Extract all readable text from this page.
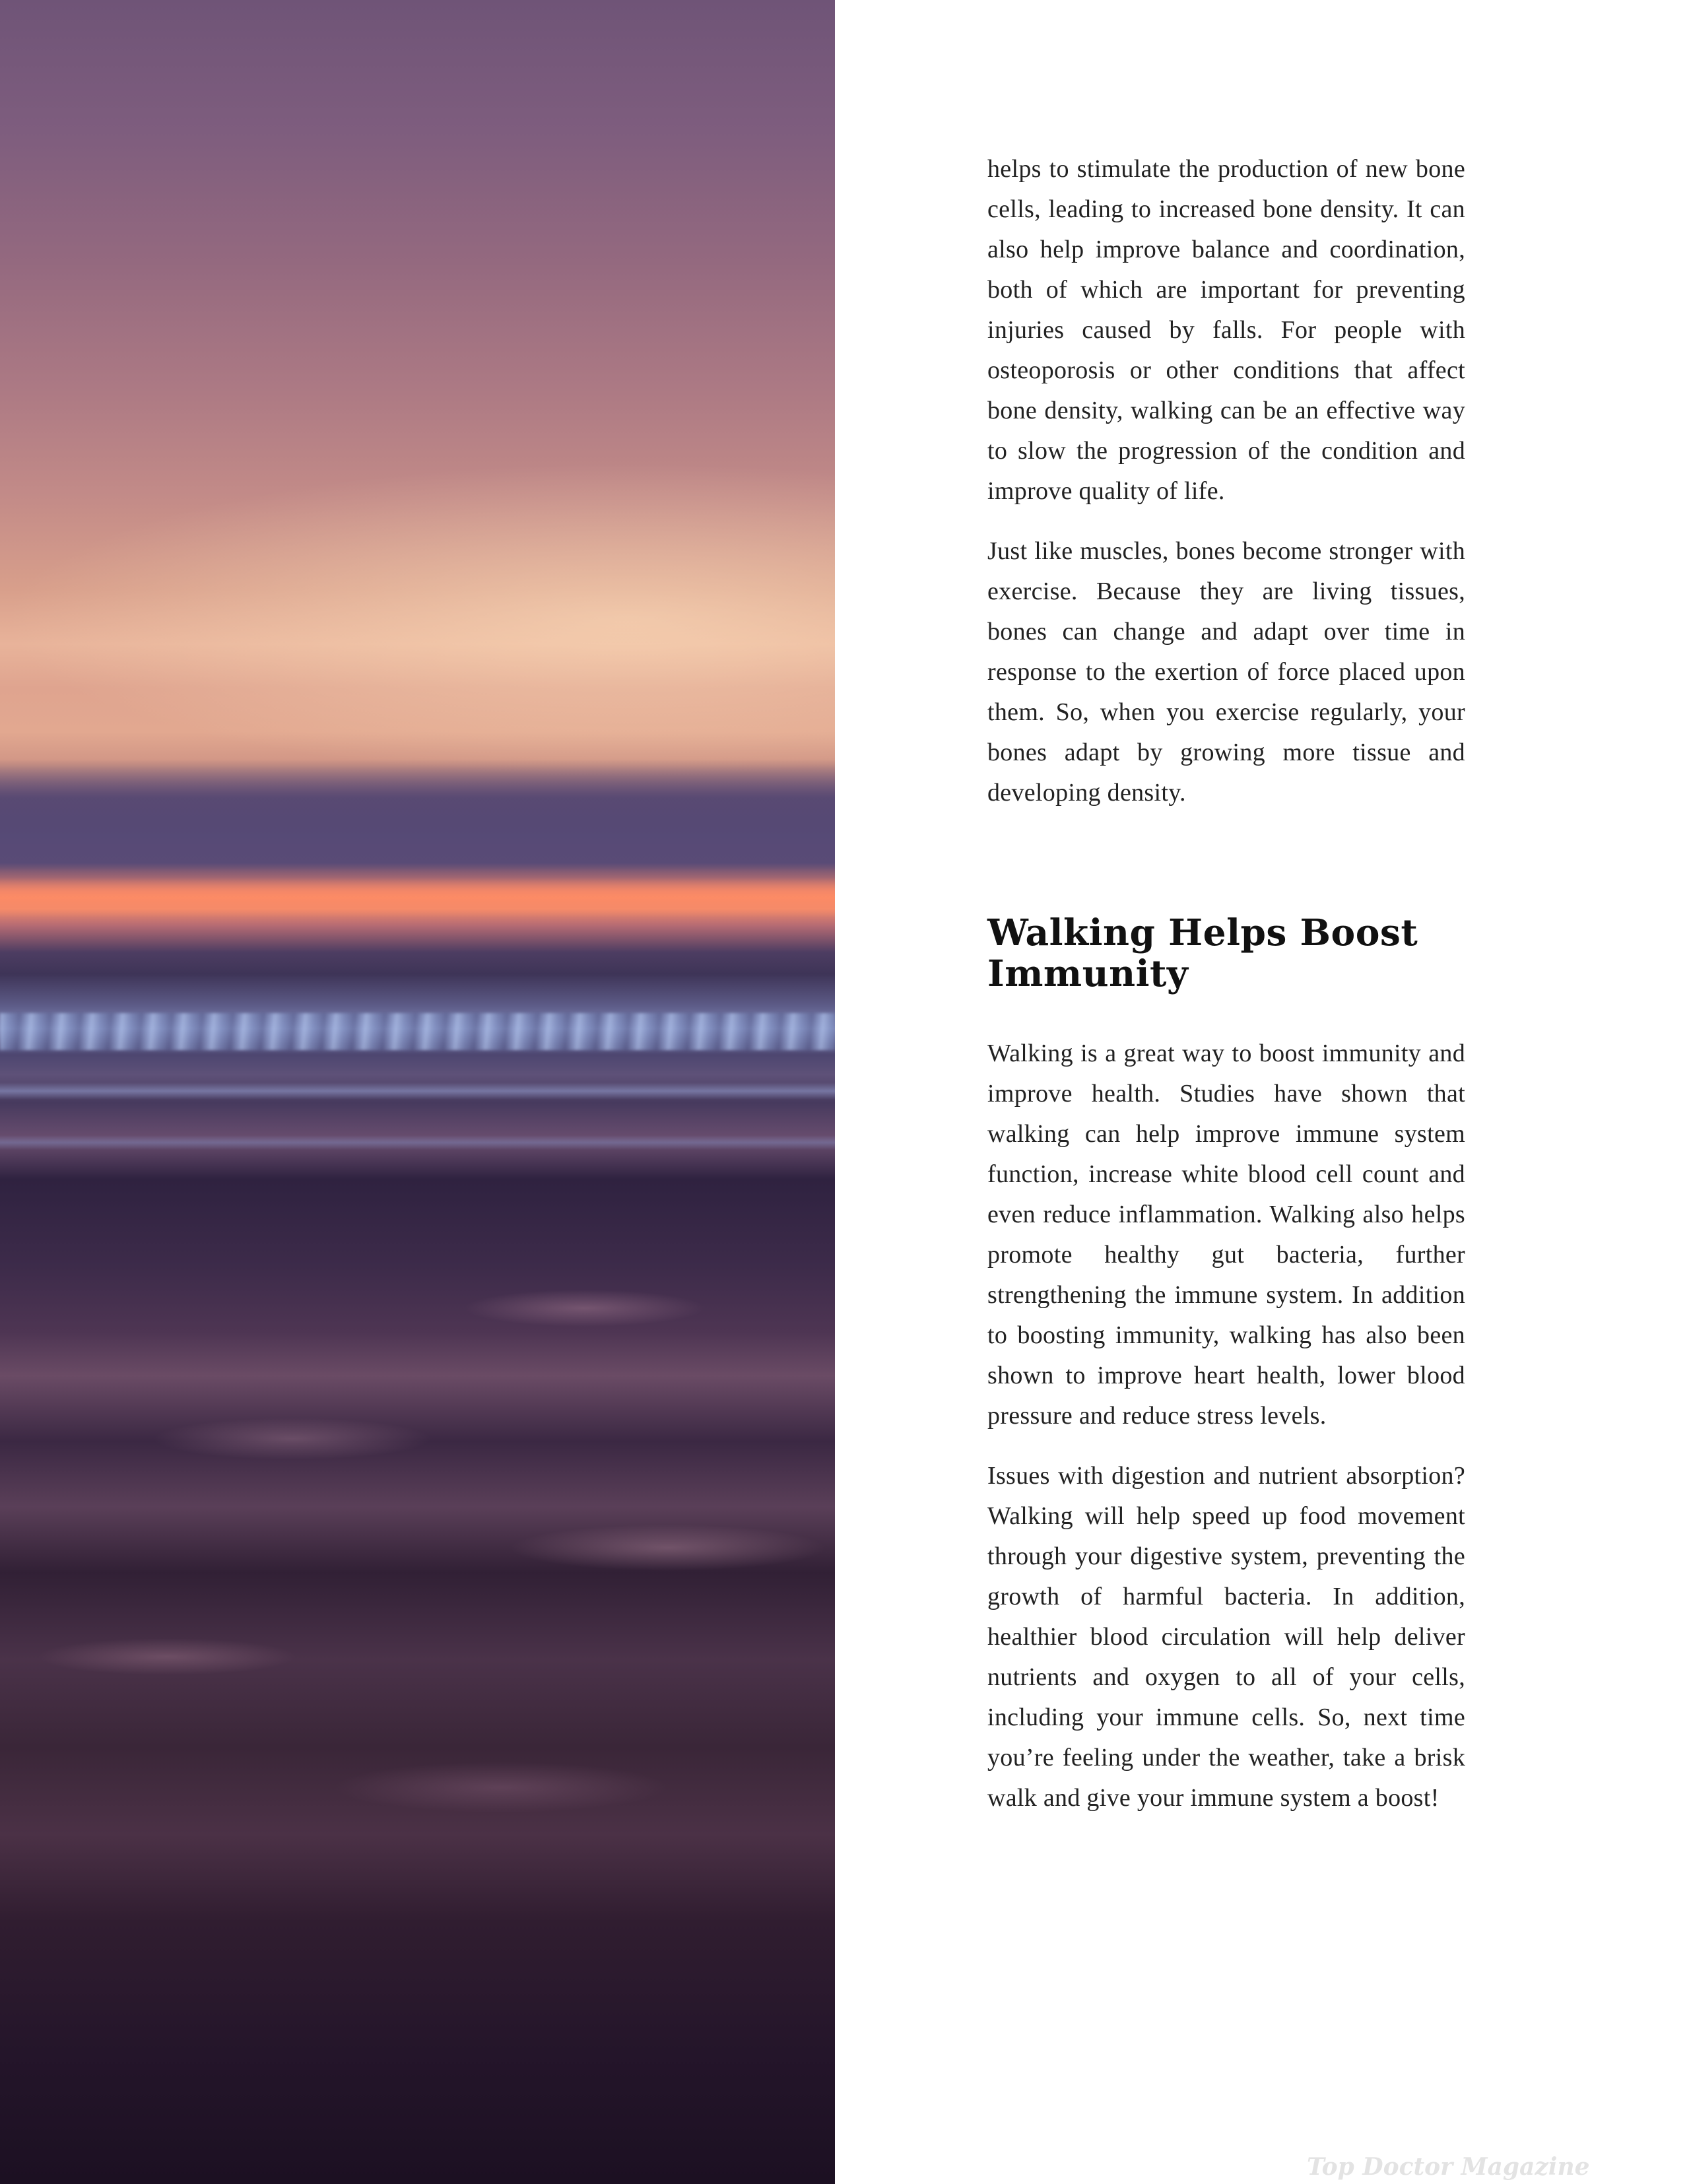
helps to stimulate the production of new bone cells, leading to increased bone density. It can also help improve balance and coordination, both of which are important for preventing injuries caused by falls. For people with osteoporosis or other conditions that affect bone density, walking can be an effective way to slow the progression of the condition and improve quality of life.

Just like muscles, bones become stronger with exercise. Because they are living tissues, bones can change and adapt over time in response to the exertion of force placed upon them. So, when you exercise regularly, your bones adapt by growing more tissue and developing density.

Walking Helps Boost Immunity

Walking is a great way to boost immunity and improve health. Studies have shown that walking can help improve immune system function, increase white blood cell count and even reduce inflammation. Walking also helps promote healthy gut bacteria, further strengthening the immune system. In addition to boosting immunity, walking has also been shown to improve heart health, lower blood pressure and reduce stress levels.

Issues with digestion and nutrient absorption? Walking will help speed up food movement through your digestive system, preventing the growth of harmful bacteria. In addition, healthier blood circulation will help deliver nutrients and oxygen to all of your cells, including your immune cells. So, next time you’re feeling under the weather, take a brisk walk and give your immune system a boost!

Top Doctor Magazine
